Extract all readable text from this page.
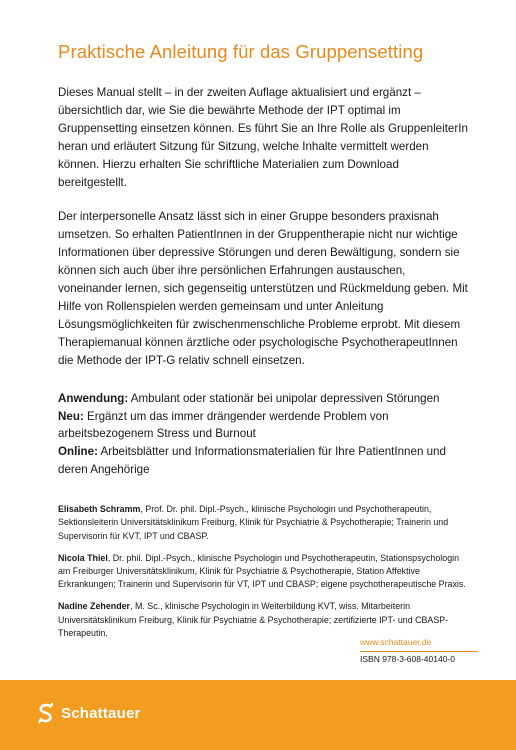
Praktische Anleitung für das Gruppensetting

Dieses Manual stellt – in der zweiten Auflage aktualisiert und ergänzt – übersichtlich dar, wie Sie die bewährte Methode der IPT optimal im Gruppensetting einsetzen können. Es führt Sie an Ihre Rolle als GruppenleiterIn heran und erläutert Sitzung für Sitzung, welche Inhalte vermittelt werden können. Hierzu erhalten Sie schriftliche Materialien zum Download bereitgestellt.

Der interpersonelle Ansatz lässt sich in einer Gruppe besonders praxisnah umsetzen. So erhalten PatientInnen in der Gruppentherapie nicht nur wichtige Informationen über depressive Störungen und deren Bewältigung, sondern sie können sich auch über ihre persönlichen Erfahrungen austauschen, voneinander lernen, sich gegenseitig unterstützen und Rückmeldung geben. Mit Hilfe von Rollenspielen werden gemeinsam und unter Anleitung Lösungsmöglichkeiten für zwischenmenschliche Probleme erprobt. Mit diesem Therapiemanual können ärztliche oder psychologische PsychotherapeutInnen die Methode der IPT-G relativ schnell einsetzen.

Anwendung: Ambulant oder stationär bei unipolar depressiven Störungen
Neu: Ergänzt um das immer drängender werdende Problem von arbeitsbezogenem Stress und Burnout
Online: Arbeitsblätter und Informationsmaterialien für Ihre PatientInnen und deren Angehörige

Elisabeth Schramm, Prof. Dr. phil. Dipl.-Psych., klinische Psychologin und Psychotherapeutin, Sektionsleiterin Universitätsklinikum Freiburg, Klinik für Psychiatrie & Psychotherapie; Trainerin und Supervisorin für KVT, IPT und CBASP.

Nicola Thiel, Dr. phil. Dipl.-Psych., klinische Psychologin und Psychotherapeutin, Stationspsychologin am Freiburger Universitätsklinikum, Klinik für Psychiatrie & Psychotherapie, Station Affektive Erkrankungen; Trainerin und Supervisorin für VT, IPT und CBASP; eigene psychotherapeutische Praxis.

Nadine Zehender, M. Sc., klinische Psychologin in Weiterbildung KVT, wiss. Mitarbeiterin Universitätsklinikum Freiburg, Klinik für Psychiatrie & Psychotherapie; zertifizierte IPT- und CBASP-Therapeutin.

www.schattauer.de
ISBN 978-3-608-40140-0
Schattauer
